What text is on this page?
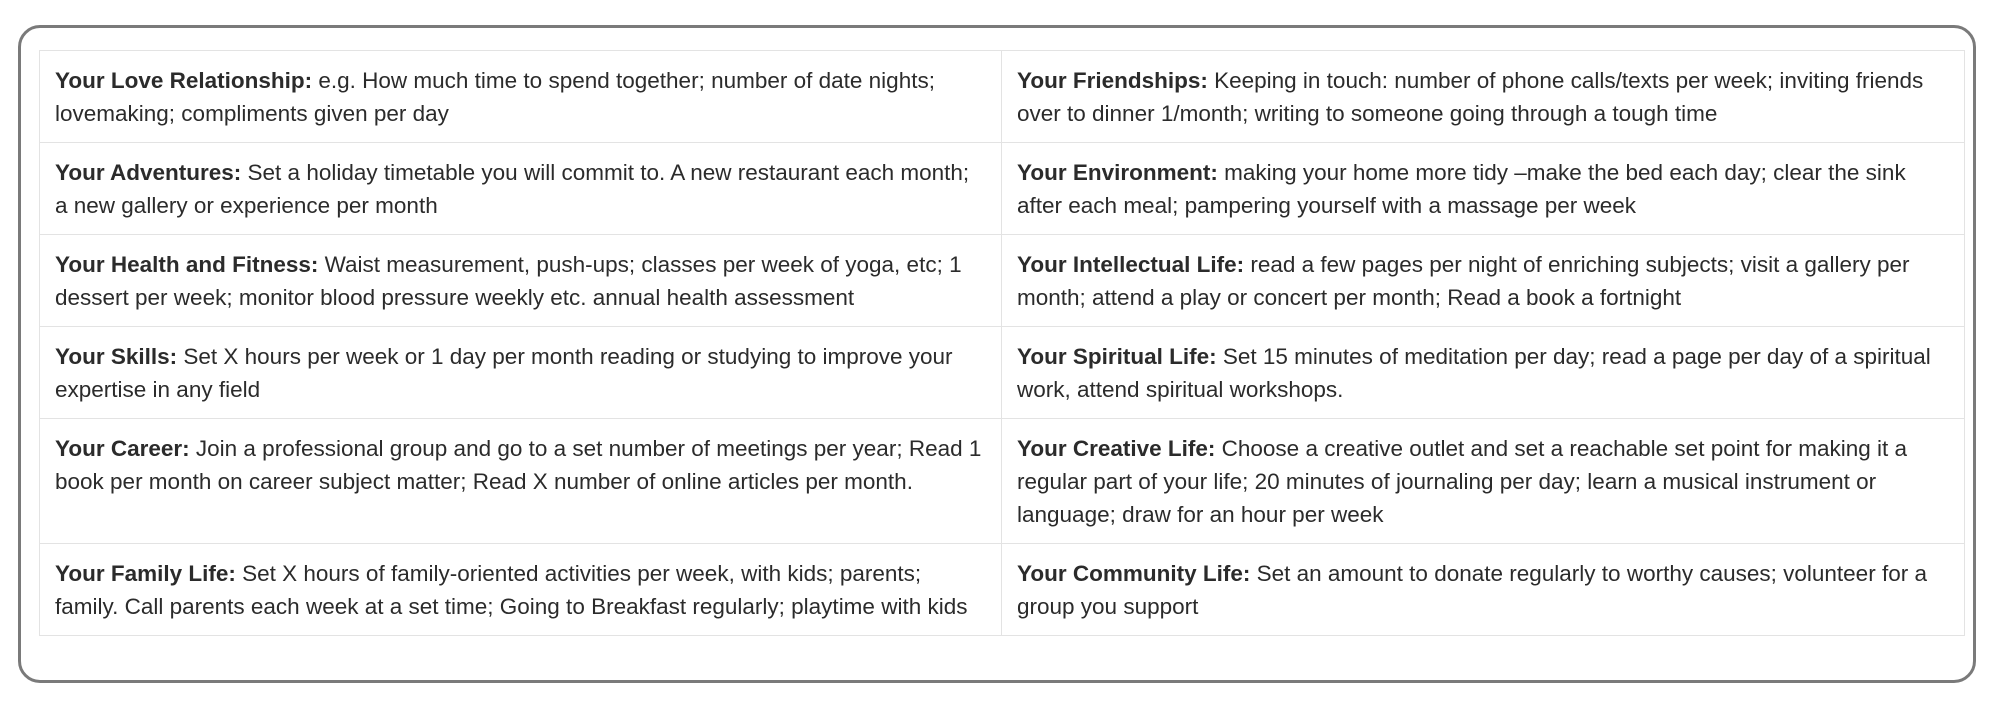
Your Love Relationship: e.g. How much time to spend together; number of date nights; lovemaking; compliments given per day	Your Friendships: Keeping in touch: number of phone calls/texts per week; inviting friends over to dinner 1/month; writing to someone going through a tough time
Your Adventures: Set a holiday timetable you will commit to. A new restaurant each month; a new gallery or experience per month	Your Environment: making your home more tidy –make the bed each day; clear the sink after each meal; pampering yourself with a massage per week
Your Health and Fitness: Waist measurement, push-ups; classes per week of yoga, etc; 1 dessert per week; monitor blood pressure weekly etc. annual health assessment	Your Intellectual Life: read a few pages per night of enriching subjects; visit a gallery per month; attend a play or concert per month; Read a book a fortnight
Your Skills: Set X hours per week or 1 day per month reading or studying to improve your expertise in any field	Your Spiritual Life: Set 15 minutes of meditation per day; read a page per day of a spiritual work, attend spiritual workshops.
Your Career: Join a professional group and go to a set number of meetings per year; Read 1 book per month on career subject matter; Read X number of online articles per month.	Your Creative Life: Choose a creative outlet and set a reachable set point for making it a regular part of your life; 20 minutes of journaling per day; learn a musical instrument or language; draw for an hour per week
Your Family Life: Set X hours of family-oriented activities per week, with kids; parents; family. Call parents each week at a set time; Going to Breakfast regularly; playtime with kids	Your Community Life: Set an amount to donate regularly to worthy causes; volunteer for a group you support
